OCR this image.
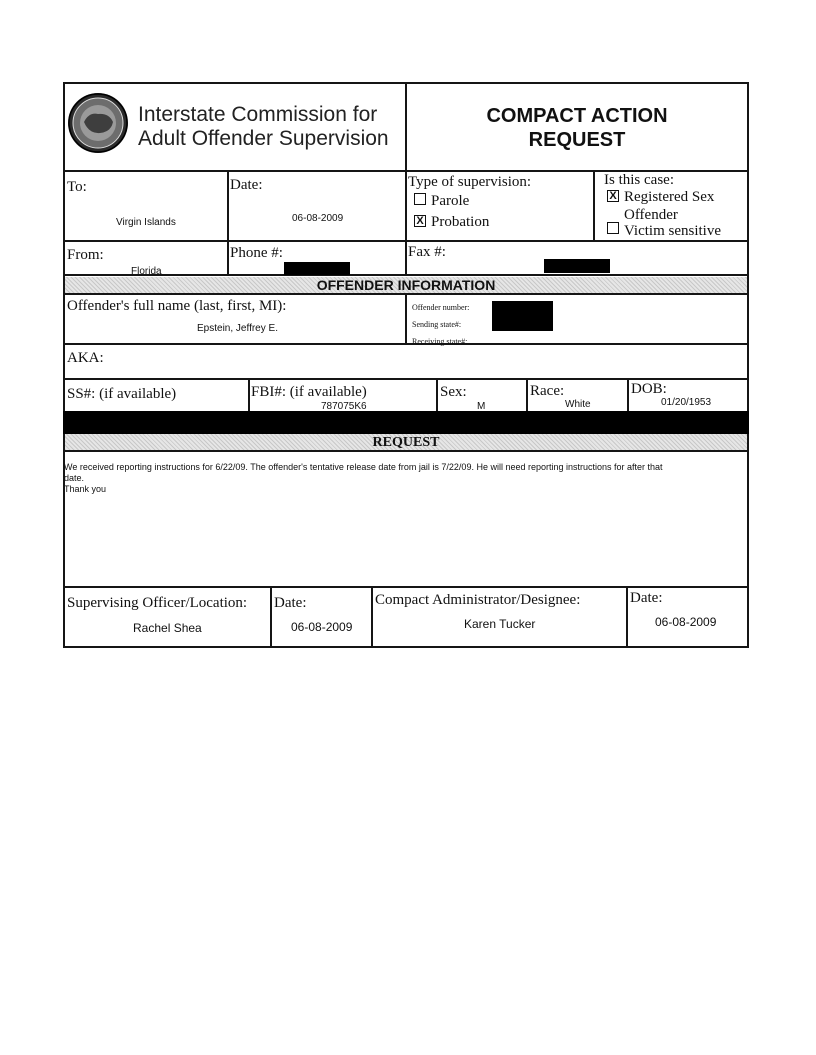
Interstate Commission for
Adult Offender Supervision
COMPACT ACTION
REQUEST
To:
Virgin Islands
Date:
06-08-2009
Type of supervision:
Parole
X Probation
Is this case:
X Registered Sex
Offender
Victim sensitive
From:
Florida
Phone #:	Fax #:
OFFENDER INFORMATION
Offender's full name (last, first, MI):
Epstein, Jeffrey E.
Offender number:
Sending state#:
Receiving state#:
AKA:
SS#: (if available)	FBI#: (if available)
787075K6
Sex:
M
Race:
White
DOB:
01/20/1953
REQUEST
We received reporting instructions for 6/22/09. The offender's tentative release date from jail is 7/22/09. He will need reporting instructions for after that
date.
Thank you
Supervising Officer/Location:
Rachel Shea
Date:
06-08-2009
Compact Administrator/Designee:
Karen Tucker
Date:
06-08-2009
